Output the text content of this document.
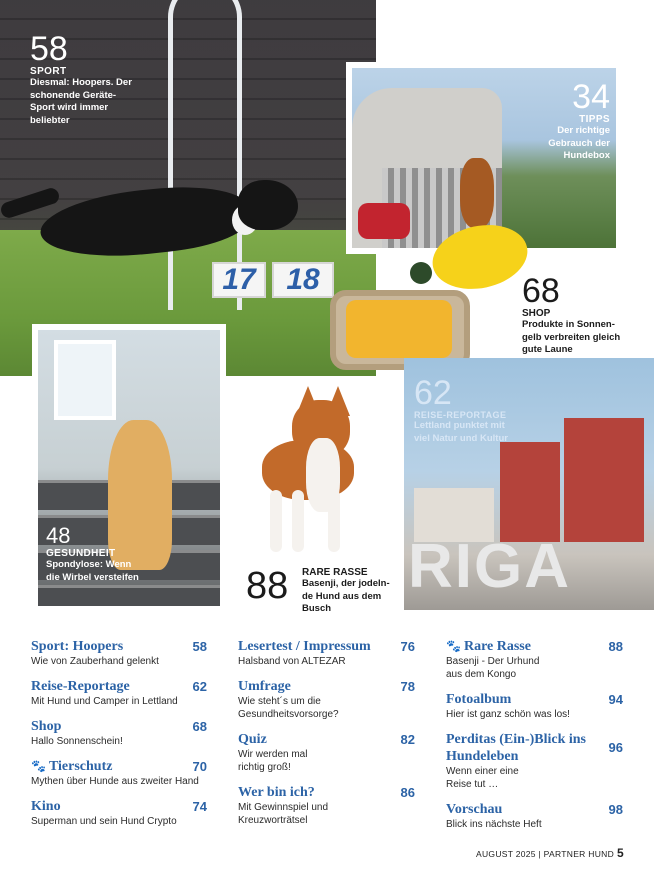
17	18
RIGA
58
SPORT
Diesmal: Hoopers. Der schonende Geräte-Sport wird immer beliebter
34
TIPPS
Der richtige Gebrauch der Hundebox
68
SHOP
Produkte in Sonnen-gelb verbreiten gleich gute Laune
48
GESUNDHEIT
Spondylose: Wenn die Wirbel versteifen	88 RARE RASSE
Basenji, der jodeln-de Hund aus dem Busch
62
REISE-REPORTAGE
Lettland punktet mit viel Natur und Kultur
Sport: Hoopers	58
Wie von Zauberhand gelenkt
Reise-Reportage	62
Mit Hund und Camper in Lettland
Shop	68
Hallo Sonnenschein!
🐾 Tierschutz	70
Mythen über Hunde aus zweiter Hand
Kino	74
Superman und sein Hund Crypto
Lesertest / Impressum	76
Halsband von ALTEZAR
Umfrage	78
Wie steht´s um die Gesundheitsvorsorge?
Quiz	82
Wir werden mal richtig groß!
Wer bin ich?	86
Mit Gewinnspiel und Kreuzworträtsel
🐾 Rare Rasse	88
Basenji - Der Urhund aus dem Kongo
Fotoalbum	94
Hier ist ganz schön was los!
Perditas (Ein-)Blick ins Hundeleben
96
Wenn einer eine Reise tut …
Vorschau	98
Blick ins nächste Heft
AUGUST 2025 | PARTNER HUND 5
